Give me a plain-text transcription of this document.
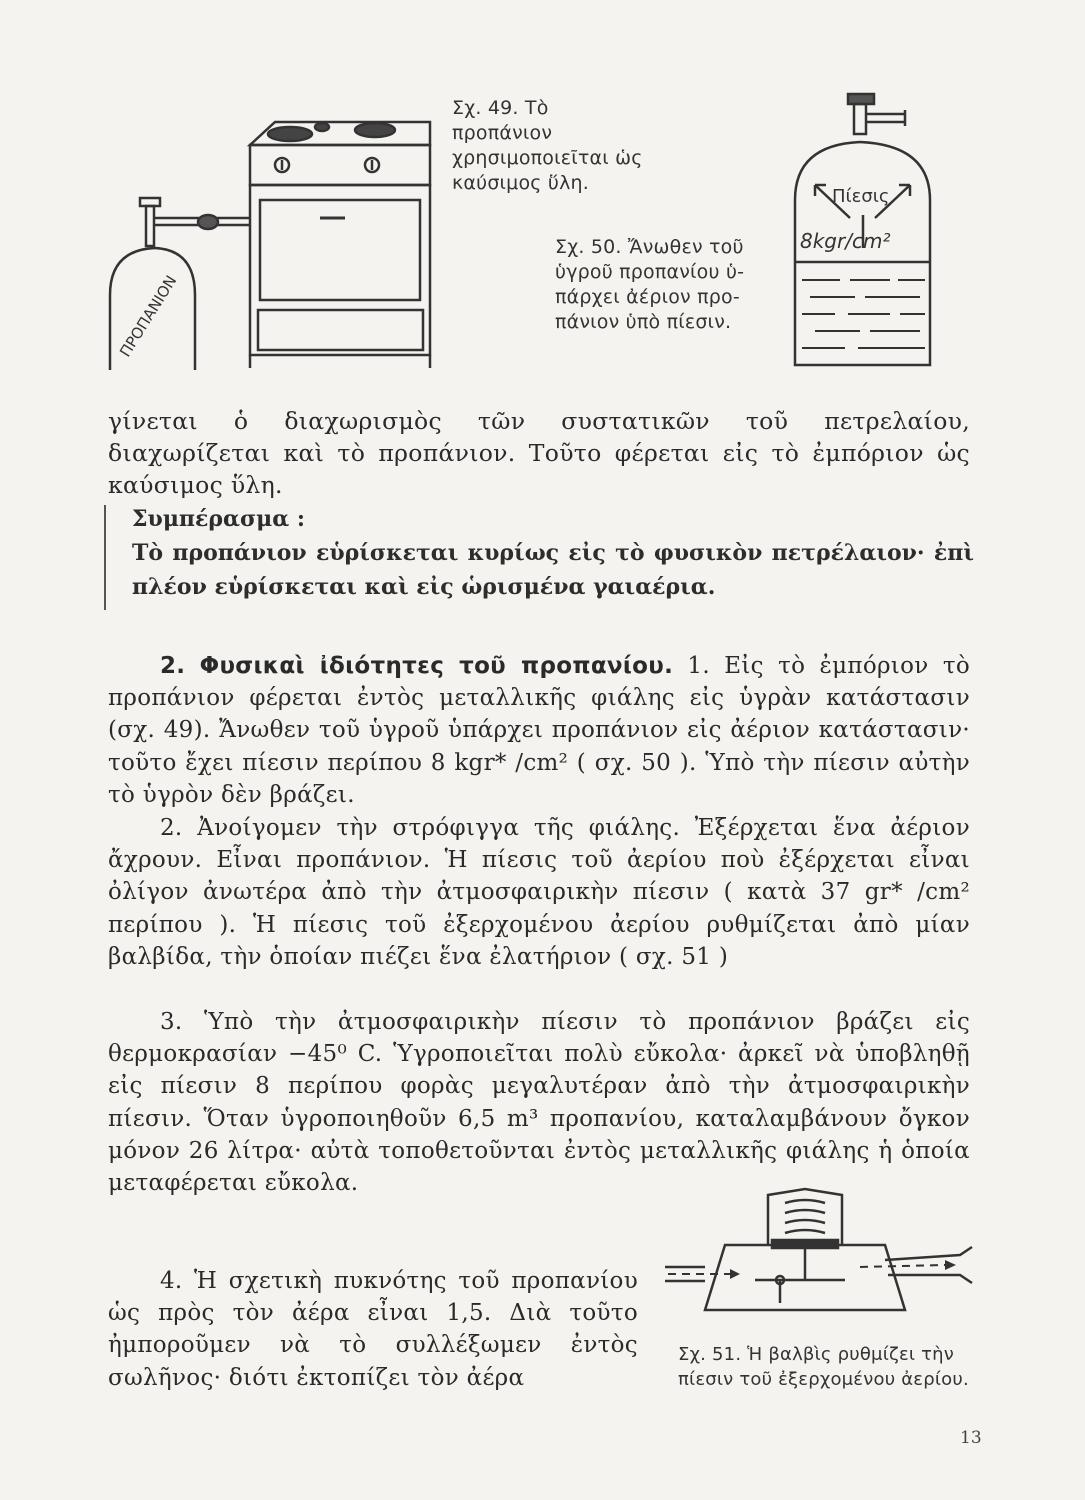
ΠΡΟΠΑΝΙΟΝ
Σχ. 49. Τὸ προπάνιον
χρησιμοποιεῖται ὡς
καύσιμος ὕλη.
Σχ. 50. Ἄνωθεν τοῦ
ὑγροῦ προπανίου ὑ-
πάρχει ἀέριον προ-
πάνιον ὑπὸ πίεσιν.
Πίεσις
8kgr/cm²
γίνεται ὁ διαχωρισμὸς τῶν συστατικῶν τοῦ πετρελαίου, διαχωρίζεται καὶ τὸ προπάνιον. Τοῦτο φέρεται εἰς τὸ ἐμπόριον ὡς καύσιμος ὕλη.
Συμπέρασμα :
Τὸ προπάνιον εὑρίσκεται κυρίως εἰς τὸ φυσικὸν πετρέλαιον· ἐπὶ πλέον εὑρίσκεται καὶ εἰς ὡρισμένα γαιαέρια.
2. Φυσικαὶ ἰδιότητες τοῦ προπανίου. 1. Εἰς τὸ ἐμπόριον τὸ προπάνιον φέρεται ἐντὸς μεταλλικῆς φιάλης εἰς ὑγρὰν κατάστασιν (σχ. 49). Ἄνωθεν τοῦ ὑγροῦ ὑπάρχει προπάνιον εἰς ἀέριον κατάστασιν· τοῦτο ἔχει πίεσιν περίπου 8 kgr* /cm² ( σχ. 50 ). Ὑπὸ τὴν πίεσιν αὐτὴν τὸ ὑγρὸν δὲν βράζει.
2. Ἀνοίγομεν τὴν στρόφιγγα τῆς φιάλης. Ἐξέρχεται ἕνα ἀέριον ἄχρουν. Εἶναι προπάνιον. Ἡ πίεσις τοῦ ἀερίου ποὺ ἐξέρχεται εἶναι ὀλίγον ἀνωτέρα ἀπὸ τὴν ἀτμοσφαιρικὴν πίεσιν ( κατὰ 37 gr* /cm² περίπου ). Ἡ πίεσις τοῦ ἐξερχομένου ἀερίου ρυθμίζεται ἀπὸ μίαν βαλβίδα, τὴν ὁποίαν πιέζει ἕνα ἐλατήριον ( σχ. 51 )
3. Ὑπὸ τὴν ἀτμοσφαιρικὴν πίεσιν τὸ προπάνιον βράζει εἰς θερμοκρασίαν −45⁰ C. Ὑγροποιεῖται πολὺ εὔκολα· ἀρκεῖ νὰ ὑποβληθῇ εἰς πίεσιν 8 περίπου φορὰς μεγαλυτέραν ἀπὸ τὴν ἀτμοσφαιρικὴν πίεσιν. Ὅταν ὑγροποιηθοῦν 6,5 m³ προπανίου, καταλαμβάνουν ὄγκον μόνον 26 λίτρα· αὐτὰ τοποθετοῦνται ἐντὸς μεταλλικῆς φιάλης ἡ ὁποία μεταφέρεται εὔκολα.
4. Ἡ σχετικὴ πυκνότης τοῦ προπανίου ὡς πρὸς τὸν ἀέρα εἶναι 1,5. Διὰ τοῦτο ἠμποροῦμεν νὰ τὸ συλλέξωμεν ἐντὸς σωλῆνος· διότι ἐκτοπίζει τὸν ἀέρα
Σχ. 51. Ἡ βαλβὶς ρυθμίζει τὴν
πίεσιν τοῦ ἐξερχομένου ἀερίου.
13
